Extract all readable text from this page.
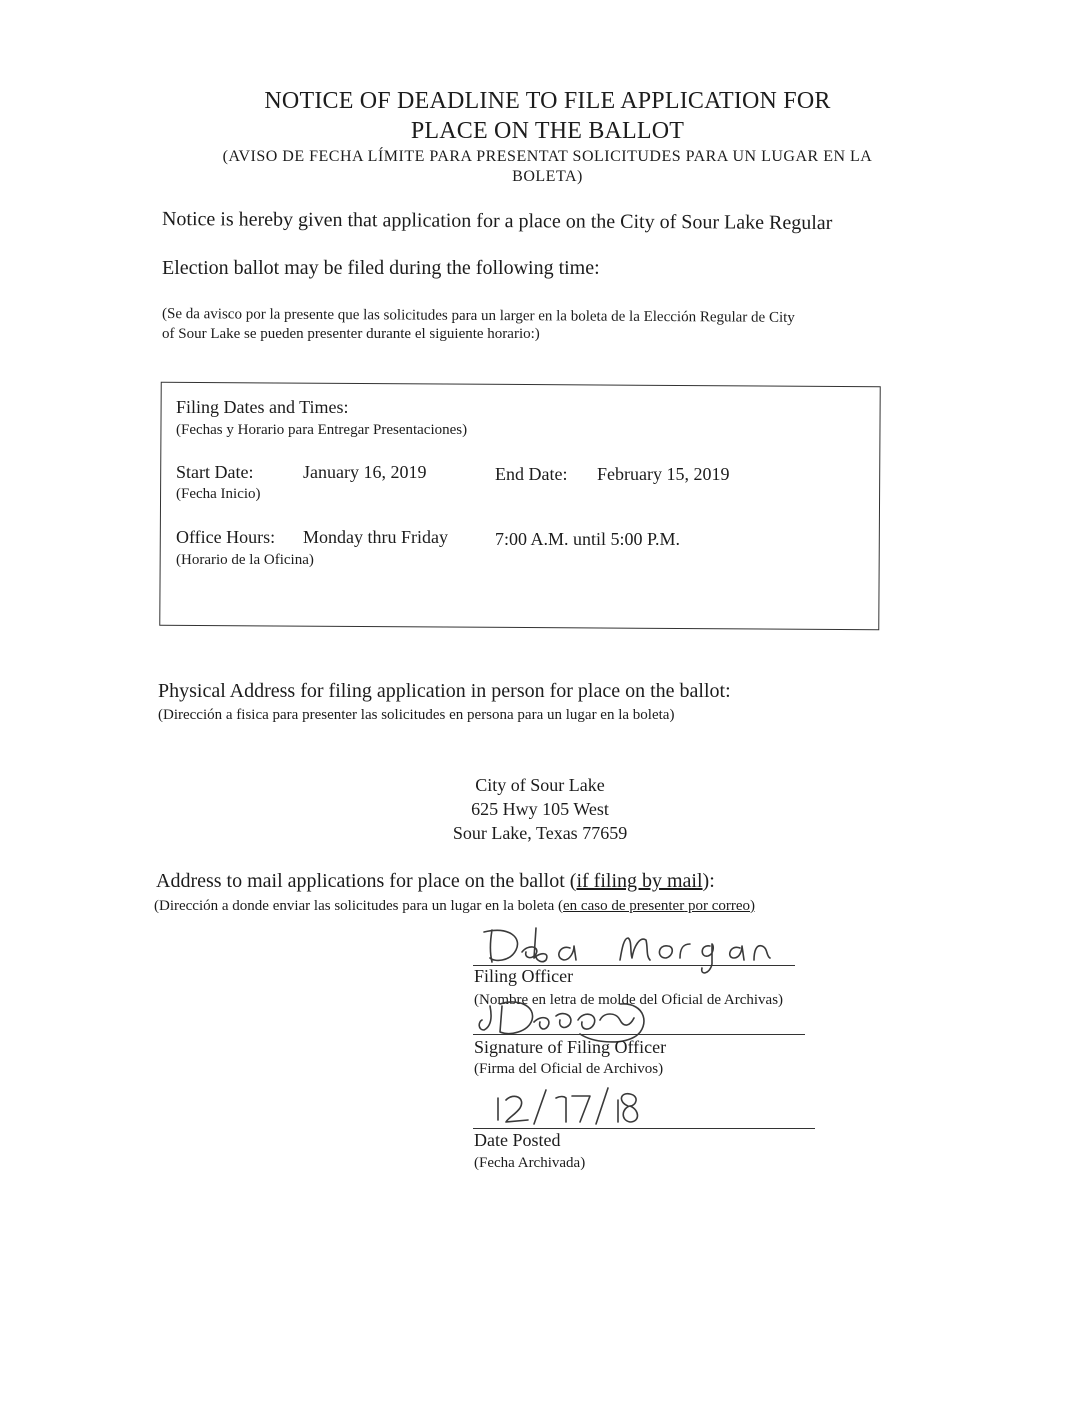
NOTICE OF DEADLINE TO FILE APPLICATION FOR
PLACE ON THE BALLOT
(AVISO DE FECHA LÍMITE PARA PRESENTAT SOLICITUDES PARA UN LUGAR EN LA
BOLETA)
Notice is hereby given that application for a place on the City of Sour Lake Regular
Election ballot may be filed during the following time:
(Se da avisco por la presente que las solicitudes para un larger en la boleta de la Elección Regular de City
of Sour Lake se pueden presenter durante el siguiente horario:)
Filing Dates and Times:
(Fechas y Horario para Entregar Presentaciones)
Start Date:
(Fecha Inicio)
January 16, 2019	End Date: February 15, 2019
Office Hours: Monday thru Friday
(Horario de la Oficina)
7:00 A.M. until 5:00 P.M.
Physical Address for filing application in person for place on the ballot:
(Dirección a fisica para presenter las solicitudes en persona para un lugar en la boleta)
City of Sour Lake
625 Hwy 105 West
Sour Lake, Texas 77659
Address to mail applications for place on the ballot (if filing by mail):
(Dirección a donde enviar las solicitudes para un lugar en la boleta (en caso de presenter por correo)
Filing Officer
(Nombre en letra de molde del Oficial de Archivas)
Signature of Filing Officer
(Firma del Oficial de Archivos)
Date Posted
(Fecha Archivada)
